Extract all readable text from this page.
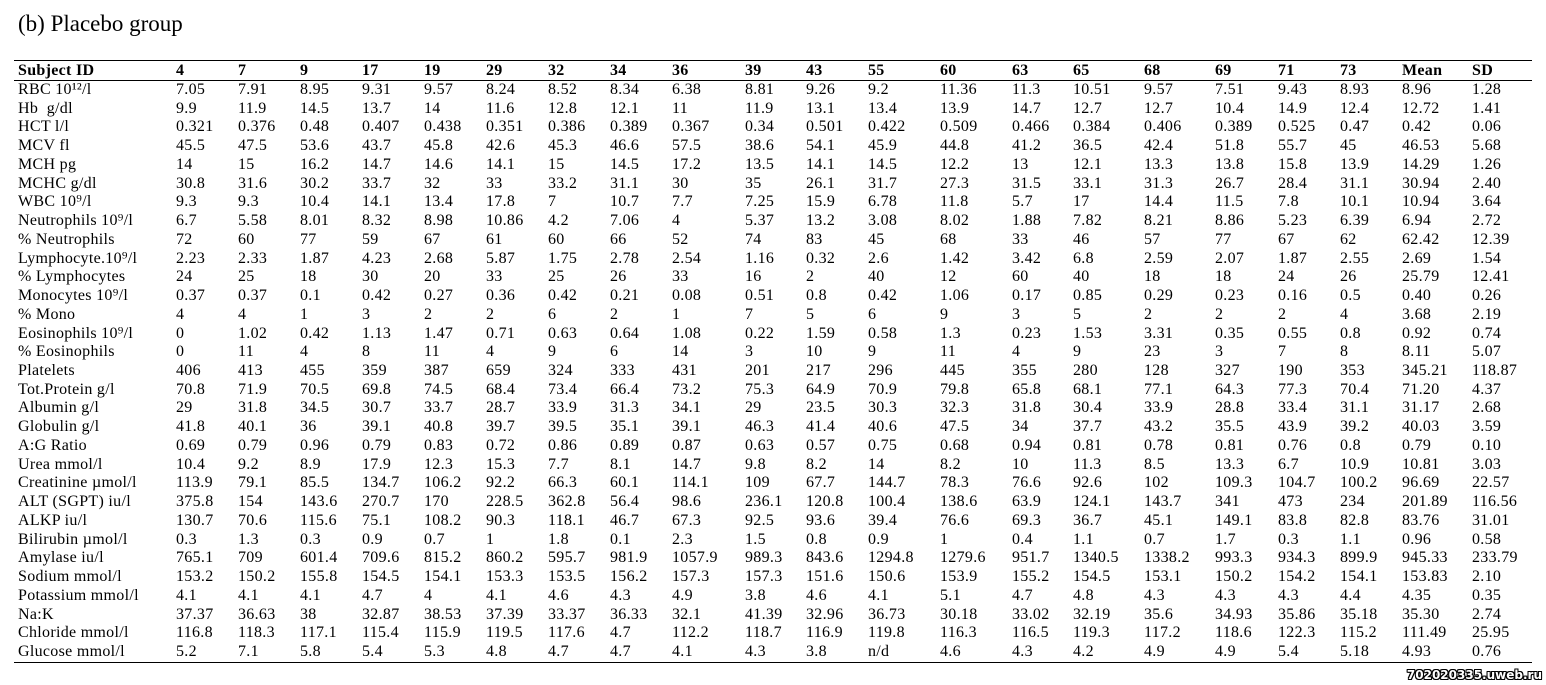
(b) Placebo group
Subject ID	4	7	9	17	19	29	32	34	36	39	43	55	60	63	65	68	69	71	73	Mean	SD
RBC 10¹²/l	7.05	7.91	8.95	9.31	9.57	8.24	8.52	8.34	6.38	8.81	9.26	9.2	11.36	11.3	10.51	9.57	7.51	9.43	8.93	8.96	1.28
Hb  g/dl	9.9	11.9	14.5	13.7	14	11.6	12.8	12.1	11	11.9	13.1	13.4	13.9	14.7	12.7	12.7	10.4	14.9	12.4	12.72	1.41
HCT l/l	0.321	0.376	0.48	0.407	0.438	0.351	0.386	0.389	0.367	0.34	0.501	0.422	0.509	0.466	0.384	0.406	0.389	0.525	0.47	0.42	0.06
MCV fl	45.5	47.5	53.6	43.7	45.8	42.6	45.3	46.6	57.5	38.6	54.1	45.9	44.8	41.2	36.5	42.4	51.8	55.7	45	46.53	5.68
MCH pg	14	15	16.2	14.7	14.6	14.1	15	14.5	17.2	13.5	14.1	14.5	12.2	13	12.1	13.3	13.8	15.8	13.9	14.29	1.26
MCHC g/dl	30.8	31.6	30.2	33.7	32	33	33.2	31.1	30	35	26.1	31.7	27.3	31.5	33.1	31.3	26.7	28.4	31.1	30.94	2.40
WBC 10⁹/l	9.3	9.3	10.4	14.1	13.4	17.8	7	10.7	7.7	7.25	15.9	6.78	11.8	5.7	17	14.4	11.5	7.8	10.1	10.94	3.64
Neutrophils 10⁹/l	6.7	5.58	8.01	8.32	8.98	10.86	4.2	7.06	4	5.37	13.2	3.08	8.02	1.88	7.82	8.21	8.86	5.23	6.39	6.94	2.72
% Neutrophils	72	60	77	59	67	61	60	66	52	74	83	45	68	33	46	57	77	67	62	62.42	12.39
Lymphocyte.10⁹/l	2.23	2.33	1.87	4.23	2.68	5.87	1.75	2.78	2.54	1.16	0.32	2.6	1.42	3.42	6.8	2.59	2.07	1.87	2.55	2.69	1.54
% Lymphocytes	24	25	18	30	20	33	25	26	33	16	2	40	12	60	40	18	18	24	26	25.79	12.41
Monocytes 10⁹/l	0.37	0.37	0.1	0.42	0.27	0.36	0.42	0.21	0.08	0.51	0.8	0.42	1.06	0.17	0.85	0.29	0.23	0.16	0.5	0.40	0.26
% Mono	4	4	1	3	2	2	6	2	1	7	5	6	9	3	5	2	2	2	4	3.68	2.19
Eosinophils 10⁹/l	0	1.02	0.42	1.13	1.47	0.71	0.63	0.64	1.08	0.22	1.59	0.58	1.3	0.23	1.53	3.31	0.35	0.55	0.8	0.92	0.74
% Eosinophils	0	11	4	8	11	4	9	6	14	3	10	9	11	4	9	23	3	7	8	8.11	5.07
Platelets	406	413	455	359	387	659	324	333	431	201	217	296	445	355	280	128	327	190	353	345.21	118.87
Tot.Protein g/l	70.8	71.9	70.5	69.8	74.5	68.4	73.4	66.4	73.2	75.3	64.9	70.9	79.8	65.8	68.1	77.1	64.3	77.3	70.4	71.20	4.37
Albumin g/l	29	31.8	34.5	30.7	33.7	28.7	33.9	31.3	34.1	29	23.5	30.3	32.3	31.8	30.4	33.9	28.8	33.4	31.1	31.17	2.68
Globulin g/l	41.8	40.1	36	39.1	40.8	39.7	39.5	35.1	39.1	46.3	41.4	40.6	47.5	34	37.7	43.2	35.5	43.9	39.2	40.03	3.59
A:G Ratio	0.69	0.79	0.96	0.79	0.83	0.72	0.86	0.89	0.87	0.63	0.57	0.75	0.68	0.94	0.81	0.78	0.81	0.76	0.8	0.79	0.10
Urea mmol/l	10.4	9.2	8.9	17.9	12.3	15.3	7.7	8.1	14.7	9.8	8.2	14	8.2	10	11.3	8.5	13.3	6.7	10.9	10.81	3.03
Creatinine µmol/l	113.9	79.1	85.5	134.7	106.2	92.2	66.3	60.1	114.1	109	67.7	144.7	78.3	76.6	92.6	102	109.3	104.7	100.2	96.69	22.57
ALT (SGPT) iu/l	375.8	154	143.6	270.7	170	228.5	362.8	56.4	98.6	236.1	120.8	100.4	138.6	63.9	124.1	143.7	341	473	234	201.89	116.56
ALKP iu/l	130.7	70.6	115.6	75.1	108.2	90.3	118.1	46.7	67.3	92.5	93.6	39.4	76.6	69.3	36.7	45.1	149.1	83.8	82.8	83.76	31.01
Bilirubin µmol/l	0.3	1.3	0.3	0.9	0.7	1	1.8	0.1	2.3	1.5	0.8	0.9	1	0.4	1.1	0.7	1.7	0.3	1.1	0.96	0.58
Amylase iu/l	765.1	709	601.4	709.6	815.2	860.2	595.7	981.9	1057.9	989.3	843.6	1294.8	1279.6	951.7	1340.5	1338.2	993.3	934.3	899.9	945.33	233.79
Sodium mmol/l	153.2	150.2	155.8	154.5	154.1	153.3	153.5	156.2	157.3	157.3	151.6	150.6	153.9	155.2	154.5	153.1	150.2	154.2	154.1	153.83	2.10
Potassium mmol/l	4.1	4.1	4.1	4.7	4	4.1	4.6	4.3	4.9	3.8	4.6	4.1	5.1	4.7	4.8	4.3	4.3	4.3	4.4	4.35	0.35
Na:K	37.37	36.63	38	32.87	38.53	37.39	33.37	36.33	32.1	41.39	32.96	36.73	30.18	33.02	32.19	35.6	34.93	35.86	35.18	35.30	2.74
Chloride mmol/l	116.8	118.3	117.1	115.4	115.9	119.5	117.6	4.7	112.2	118.7	116.9	119.8	116.3	116.5	119.3	117.2	118.6	122.3	115.2	111.49	25.95
Glucose mmol/l	5.2	7.1	5.8	5.4	5.3	4.8	4.7	4.7	4.1	4.3	3.8	n/d	4.6	4.3	4.2	4.9	4.9	5.4	5.18	4.93	0.76
702020335.uweb.ru
